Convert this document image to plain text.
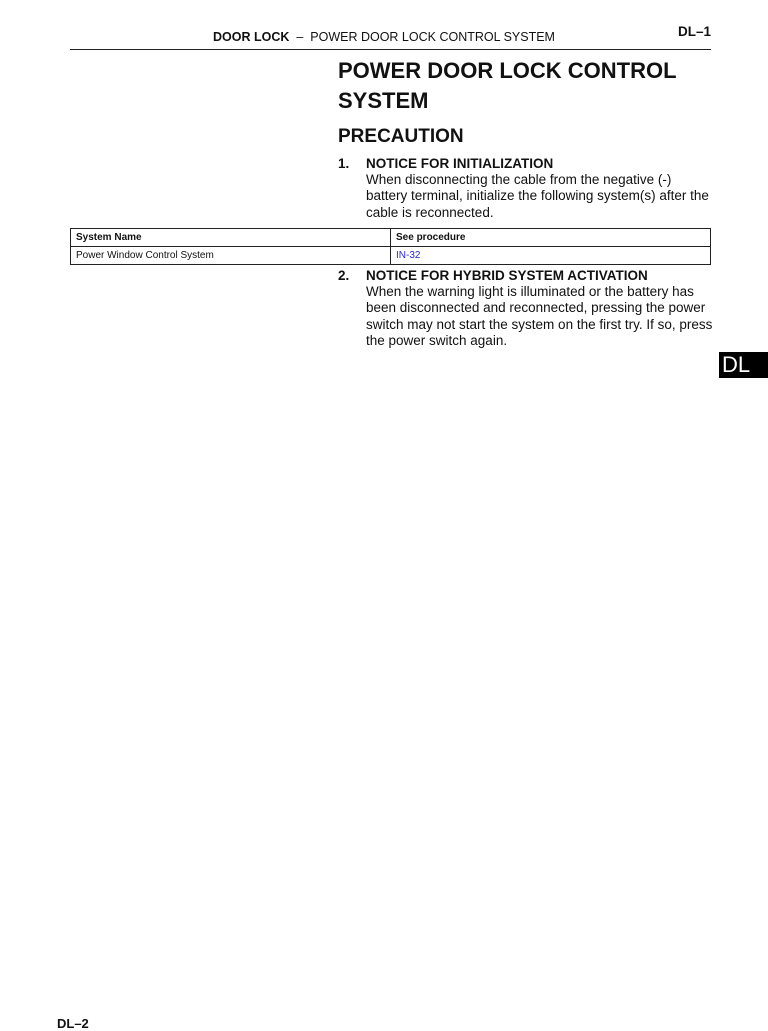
DOOR LOCK – POWER DOOR LOCK CONTROL SYSTEM	DL–1
POWER DOOR LOCK CONTROL SYSTEM
PRECAUTION
1. NOTICE FOR INITIALIZATION
When disconnecting the cable from the negative (-) battery terminal, initialize the following system(s) after the cable is reconnected.
System Name	See procedure
Power Window Control System	IN-32
2. NOTICE FOR HYBRID SYSTEM ACTIVATION
When the warning light is illuminated or the battery has been disconnected and reconnected, pressing the power switch may not start the system on the first try. If so, press the power switch again.
DL
DL–2
